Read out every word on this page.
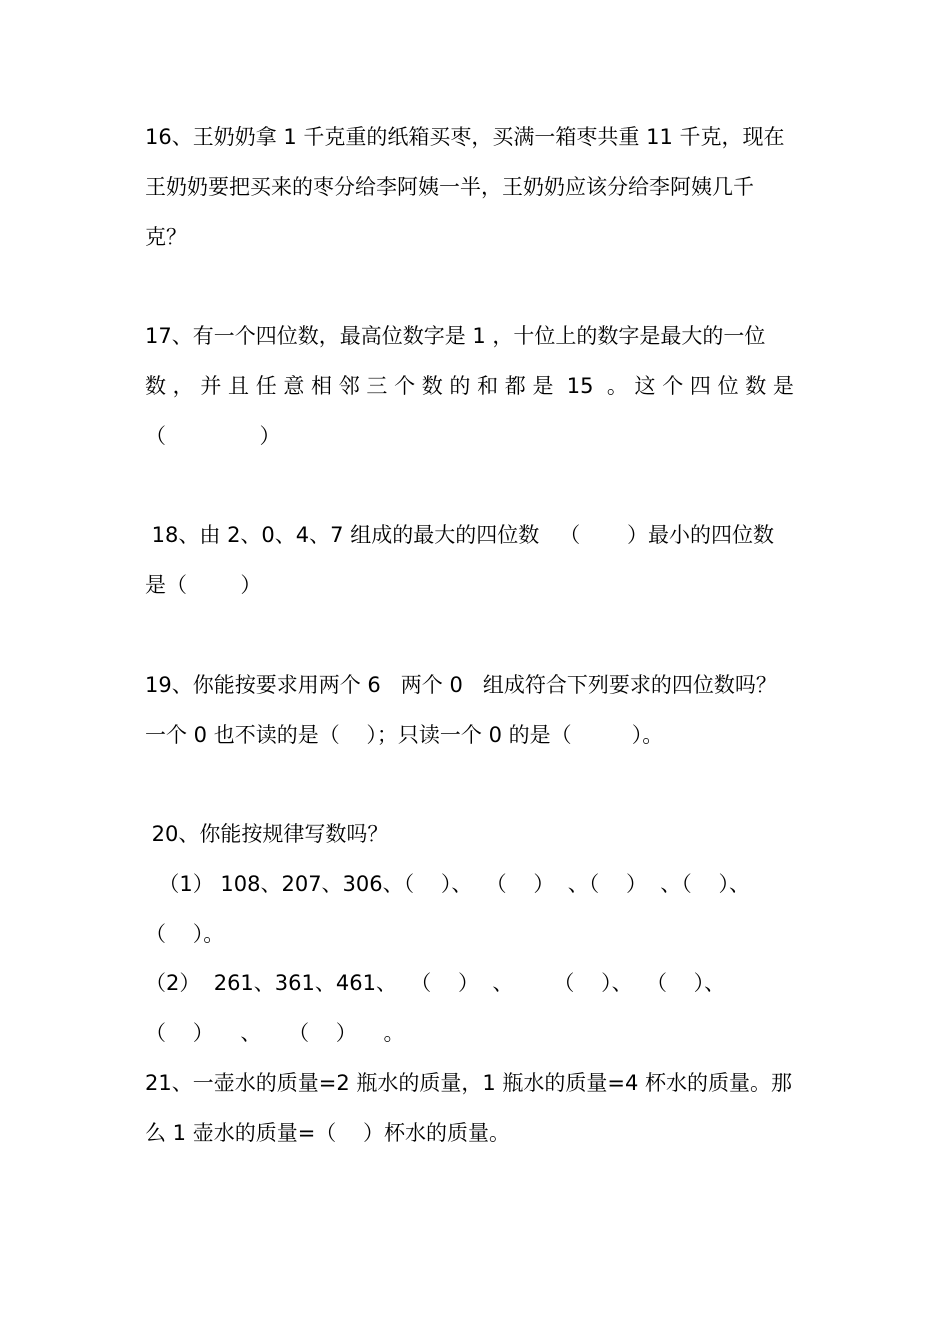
16、王奶奶拿 1 千克重的纸箱买枣，买满一箱枣共重 11 千克，现在
王奶奶要把买来的枣分给李阿姨一半，王奶奶应该分给李阿姨几千
克？
17、有一个四位数，最高位数字是 1 ，十位上的数字是最大的一位
数 ， 并 且 任 意 相 邻 三 个 数 的 和 都 是  15  。 这 个 四 位 数 是
（              ）
18、由 2、0、4、7 组成的最大的四位数   （       ）最小的四位数
是（        ）
19、你能按要求用两个 6   两个 0   组成符合下列要求的四位数吗？
一个 0 也不读的是（    ）；只读一个 0 的是（         ）。
20、你能按规律写数吗？
（1） 108、207、306、（    ）、  （    ）  、（    ）  、（    ）、
（    ）。
（2）  261、361、461、  （    ）  、      （    ）、  （    ）、
（    ）    、    （    ）    。
21、一壶水的质量=2 瓶水的质量，1 瓶水的质量=4 杯水的质量。那
么 1 壶水的质量=（    ）杯水的质量。
